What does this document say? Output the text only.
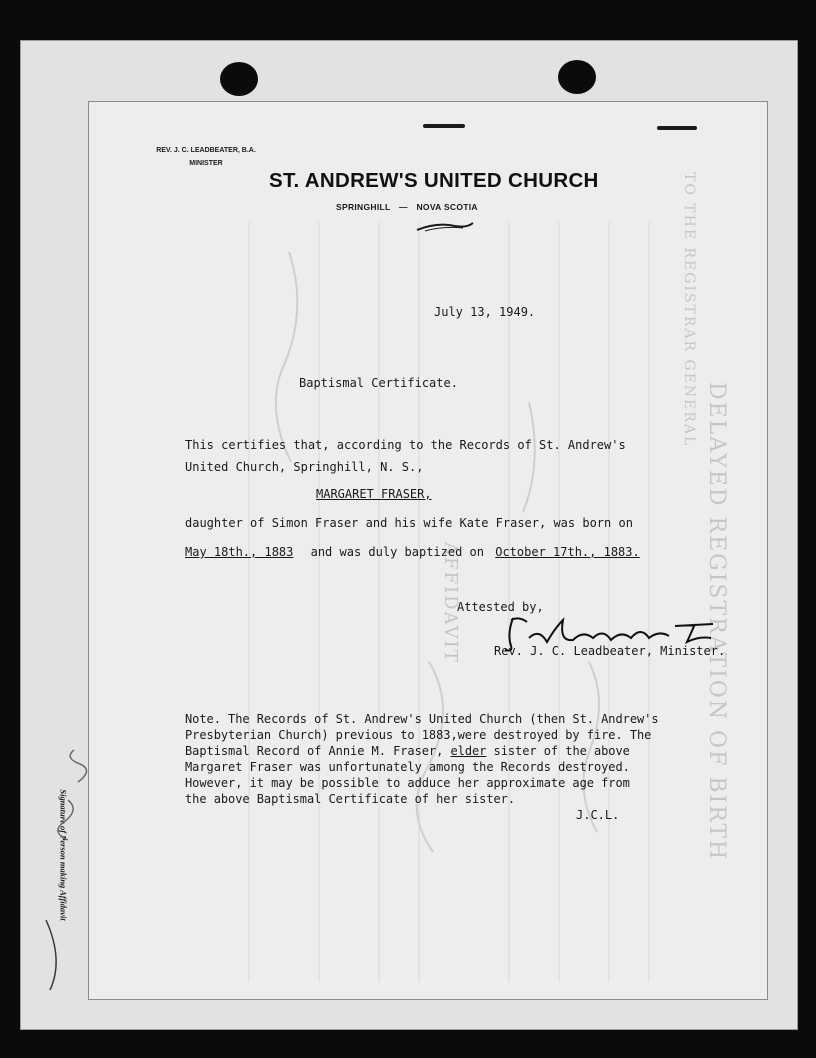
Signature of Person making Affidavit	DELAYED REGISTRATION OF BIRTH
TO THE REGISTRAR GENERAL
AFFIDAVIT
REV. J. C. LEADBEATER, B.A.
MINISTER
ST. ANDREW'S UNITED CHURCH
SPRINGHILL — NOVA SCOTIA
July 13, 1949.
Baptismal Certificate.
This certifies that, according to the Records of St. Andrew's
United Church, Springhill, N. S.,
MARGARET FRASER,
daughter of Simon Fraser and his wife Kate Fraser, was born on
May 18th., 1883 and was duly baptized on October 17th., 1883.
Attested by,
Rev. J. C. Leadbeater, Minister.
Note. The Records of St. Andrew's United Church (then St. Andrew's
Presbyterian Church) previous to 1883,were destroyed by fire. The
Baptismal Record of Annie M. Fraser, elder sister of the above
Margaret Fraser was unfortunately among the Records destroyed.
However, it may be possible to adduce her approximate age from
the above Baptismal Certificate of her sister.
J.C.L.
